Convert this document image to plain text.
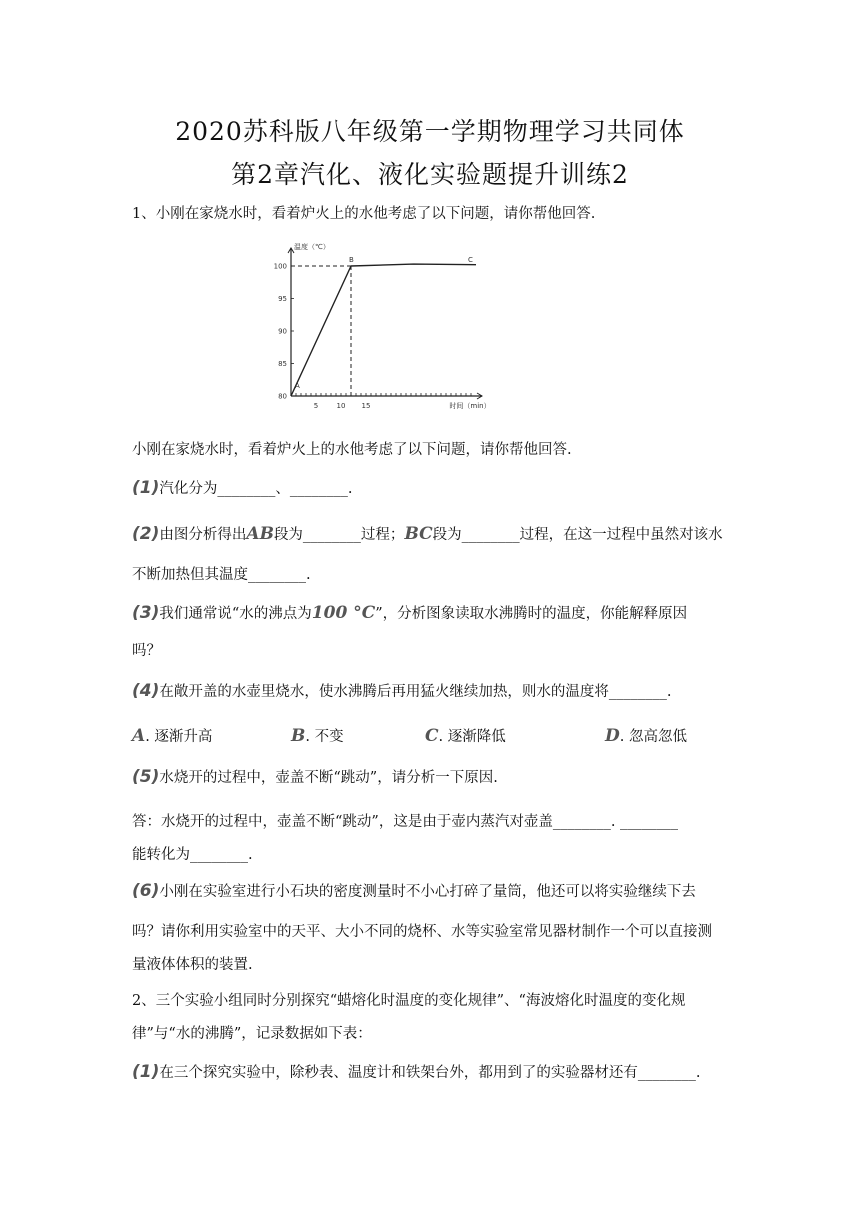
2020苏科版八年级第一学期物理学习共同体
第2章汽化、液化实验题提升训练2
1、小刚在家烧水时，看着炉火上的水他考虑了以下问题，请你帮他回答.
80
85
90
95
100
5	10 15
温度（℃）
时间（min）
A
B	C
小刚在家烧水时，看着炉火上的水他考虑了以下问题，请你帮他回答.
(1)汽化分为________、________.
(2)由图分析得出AB段为________过程；BC段为________过程，在这一过程中虽然对该水
不断加热但其温度________.
(3)我们通常说“水的沸点为100 °C”，分析图象读取水沸腾时的温度，你能解释原因
吗？
(4)在敞开盖的水壶里烧水，使水沸腾后再用猛火继续加热，则水的温度将________.
A. 逐渐升高	B. 不变	C. 逐渐降低	D. 忽高忽低
(5)水烧开的过程中，壶盖不断“跳动”，请分析一下原因.
答：水烧开的过程中，壶盖不断“跳动”，这是由于壶内蒸汽对壶盖________. ________
能转化为________.
(6)小刚在实验室进行小石块的密度测量时不小心打碎了量筒，他还可以将实验继续下去
吗？请你利用实验室中的天平、大小不同的烧杯、水等实验室常见器材制作一个可以直接测
量液体体积的装置.
2、三个实验小组同时分别探究“蜡熔化时温度的变化规律”、“海波熔化时温度的变化规
律”与“水的沸腾”，记录数据如下表：
(1)在三个探究实验中，除秒表、温度计和铁架台外，都用到了的实验器材还有________.
